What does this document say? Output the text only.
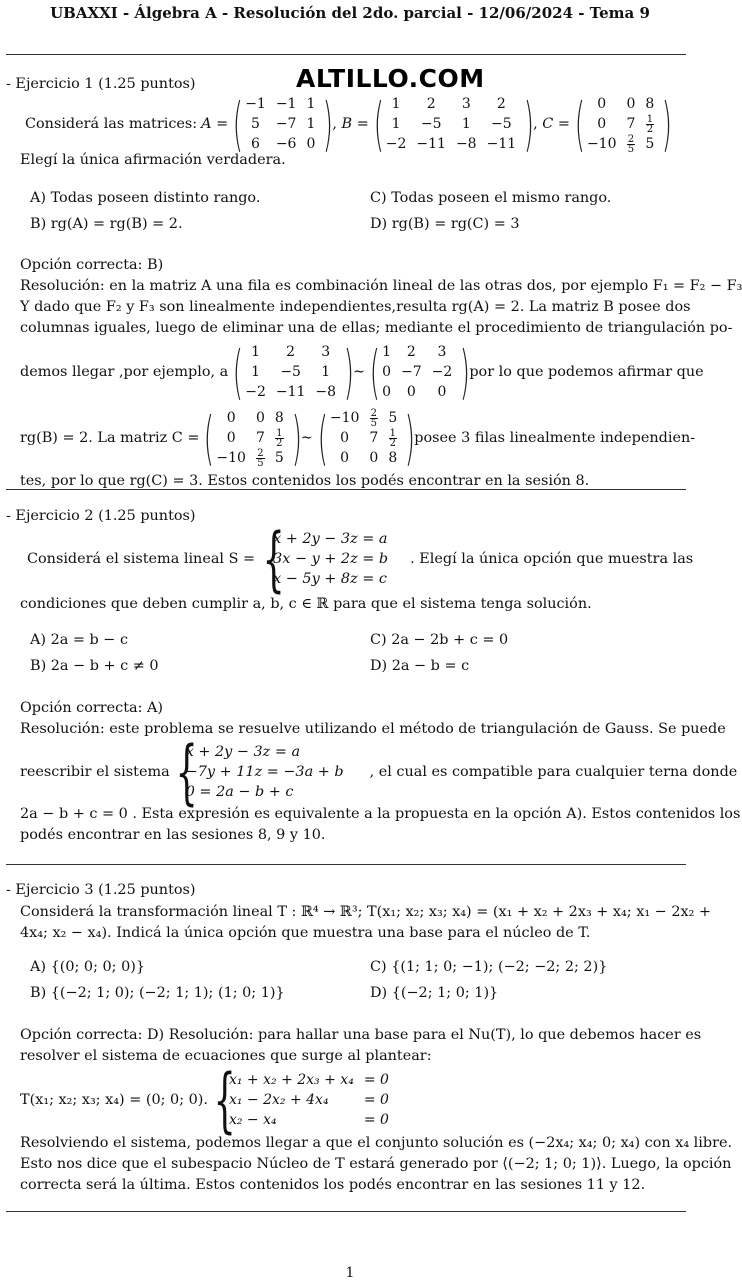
UBAXXI - Álgebra A - Resolución del 2do. parcial - 12/06/2024 - Tema 9
ALTILLO.COM
- Ejercicio 1 (1.25 puntos)
Considerá las matrices: A = ( −1	−1	1
5	−7	1
6	−6	0 ) , B = ( 1	2	3	2
1	−5	1	−5
−2	−11	−8	−11 ) , C = ( 0	0	8
0	7	$\frac{1}{2}$

−10	$\frac{2}{5}$	5 )
Elegí la única afirmación verdadera.
A) Todas poseen distinto rango.	C) Todas poseen el mismo rango.
B) rg(A) = rg(B) = 2.	D) rg(B) = rg(C) = 3
Opción correcta: B)
Resolución: en la matriz A una fila es combinación lineal de las otras dos, por ejemplo F₁ = F₂ − F₃
Y dado que F₂ y F₃ son linealmente independientes,resulta rg(A) = 2. La matriz B posee dos
columnas iguales, luego de eliminar una de ellas; mediante el procedimiento de triangulación po-
demos llegar ,por ejemplo, a ( 1	2	3
1	−5	1
−2	−11	−8 ) ∼ ( 1	2	3
0	−7	−2
0	0	0 ) por lo que podemos afirmar que
rg(B) = 2. La matriz C = ( 0	0	8
0	7	$\frac{1}{2}$

−10	$\frac{2}{5}$	5 ) ∼ ( −10	$\frac{2}{5}$	5
0	7	$\frac{1}{2}$

0	0	8 ) posee 3 filas linealmente independien-
tes, por lo que rg(C) = 3. Estos contenidos los podés encontrar en la sesión 8.
- Ejercicio 2 (1.25 puntos)
Considerá el sistema lineal S = {
x + 2y − 3z = a
3x − y + 2z = b
x − 5y + 8z = c
. Elegí la única opción que muestra las
condiciones que deben cumplir a, b, c ∈ ℝ para que el sistema tenga solución.
A) 2a = b − c	C) 2a − 2b + c = 0
B) 2a − b + c ≠ 0	D) 2a − b = c
Opción correcta: A)
Resolución: este problema se resuelve utilizando el método de triangulación de Gauss. Se puede
reescribir el sistema {
x + 2y − 3z = a
−7y + 11z = −3a + b
0 = 2a − b + c
, el cual es compatible para cualquier terna donde
2a − b + c = 0 . Esta expresión es equivalente a la propuesta en la opción A). Estos contenidos los
podés encontrar en las sesiones 8, 9 y 10.
- Ejercicio 3 (1.25 puntos)
Considerá la transformación lineal T : ℝ⁴ → ℝ³; T(x₁; x₂; x₃; x₄) = (x₁ + x₂ + 2x₃ + x₄; x₁ − 2x₂ +
4x₄; x₂ − x₄). Indicá la única opción que muestra una base para el núcleo de T.
A) {(0; 0; 0; 0)}	C) {(1; 1; 0; −1); (−2; −2; 2; 2)}
B) {(−2; 1; 0); (−2; 1; 1); (1; 0; 1)}	D) {(−2; 1; 0; 1)}
Opción correcta: D) Resolución: para hallar una base para el Nu(T), lo que debemos hacer es
resolver el sistema de ecuaciones que surge al plantear:
T(x₁; x₂; x₃; x₄) = (0; 0; 0). {
x₁ + x₂ + 2x₃ + x₄	= 0
x₁ − 2x₂ + 4x₄	= 0
x₂ − x₄	= 0
Resolviendo el sistema, podemos llegar a que el conjunto solución es (−2x₄; x₄; 0; x₄) con x₄ libre.
Esto nos dice que el subespacio Núcleo de T estará generado por ⟨(−2; 1; 0; 1)⟩. Luego, la opción
correcta será la última. Estos contenidos los podés encontrar en las sesiones 11 y 12.
1
